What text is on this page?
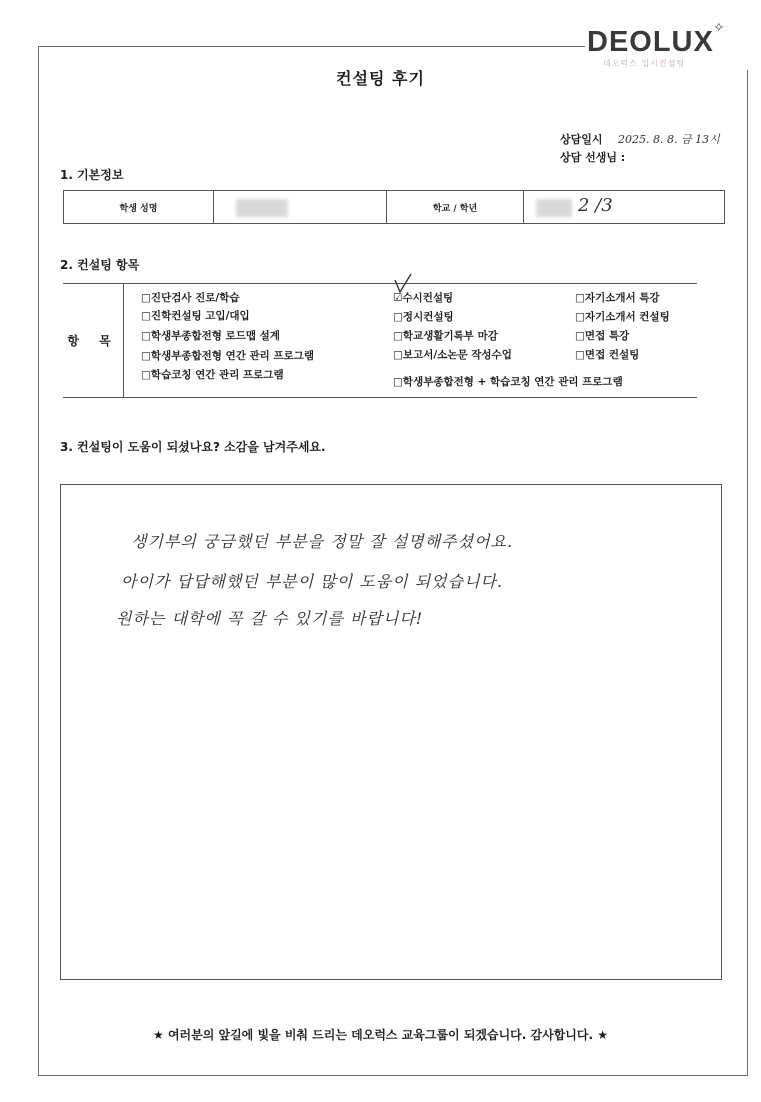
DEOLUX ✧
데오럭스 입시컨설팅
컨설팅 후기
상담일시 2025. 8. 8. 금 13시
상담 선생님 :
1. 기본정보
학생 성명	학교 / 학년	2 /3
2. 컨설팅 항목
항 목
□진단검사 진로/학습
□진학컨설팅 고입/대입
□학생부종합전형 로드맵 설계
□학생부종합전형 연간 관리 프로그램
□학습코칭 연간 관리 프로그램
☑수시컨설팅
□정시컨설팅
□학교생활기록부 마감
□보고서/소논문 작성수업
□학생부종합전형 + 학습코칭 연간 관리 프로그램
□자기소개서 특강
□자기소개서 컨설팅
□면접 특강
□면접 컨설팅
3. 컨설팅이 도움이 되셨나요? 소감을 남겨주세요.
생기부의 궁금했던 부분을 정말 잘 설명해주셨어요.
아이가 답답해했던 부분이 많이 도움이 되었습니다.
원하는 대학에 꼭 갈 수 있기를 바랍니다!
★ 여러분의 앞길에 빛을 비춰 드리는 데오럭스 교육그룹이 되겠습니다. 감사합니다. ★
